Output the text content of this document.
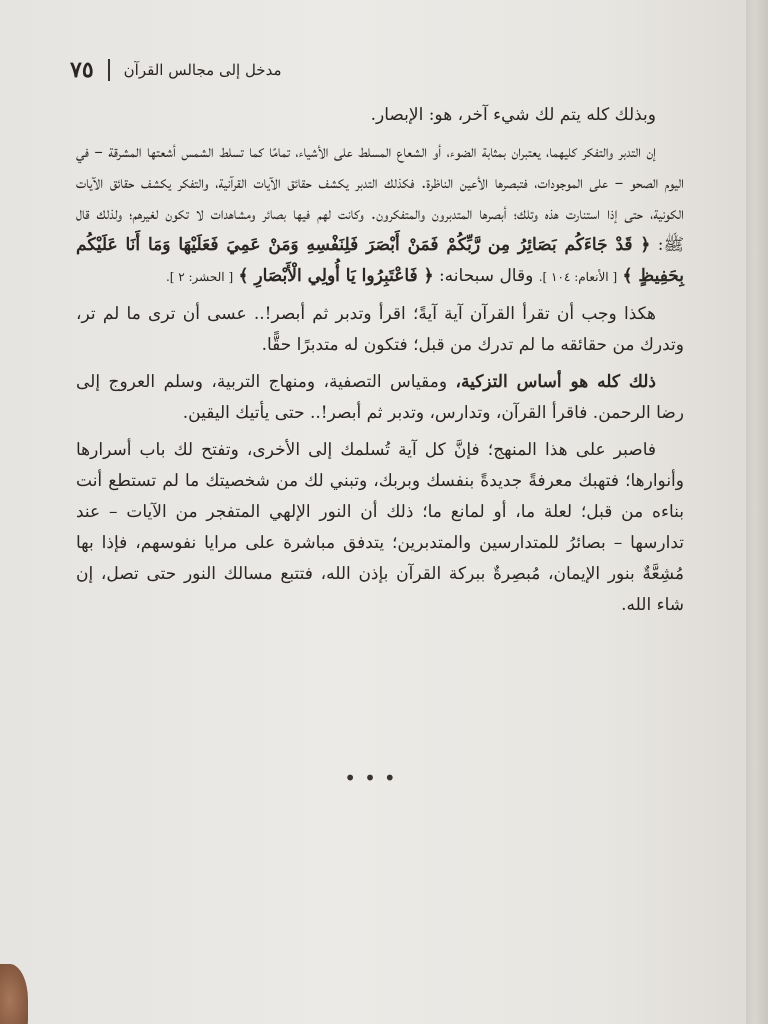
٧٥ مدخل إلى مجالس القرآن

وبذلك كله يتم لك شيء آخر، هو: الإبصار.

إن التدبر والتفكر كليهما، يعتبران بمثابة الضوء، أو الشعاع المسلط على الأشياء، تمامًا كما تسلط الشمس أشعتها المشرقة – في اليوم الصحو – على الموجودات، فتبصرها الأعين الناظرة. فكذلك التدبر يكشف حقائق الآيات القرآنية، والتفكر يكشف حقائق الآيات الكونية، حتى إذا استنارت هذه وتلك؛ أبصرها المتدبرون والمتفكرون. وكانت لهم فيها بصائر ومشاهدات لا تكون لغيرهم؛ ولذلك قال ﷺ: ﴿ قَدْ جَاءَكُم بَصَائِرُ مِن رَّبِّكُمْ فَمَنْ أَبْصَرَ فَلِنَفْسِهِ وَمَنْ عَمِيَ فَعَلَيْهَا وَمَا أَنَا عَلَيْكُم بِحَفِيظٍ ﴾ [ الأنعام: ١٠٤ ]. وقال سبحانه: ﴿ فَاعْتَبِرُوا يَا أُولِي الْأَبْصَارِ ﴾ [ الحشر: ٢ ].

هكذا وجب أن تقرأ القرآن آية آيةً؛ اقرأ وتدبر ثم أبصر!.. عسى أن ترى ما لم تر، وتدرك من حقائقه ما لم تدرك من قبل؛ فتكون له متدبرًا حقًّا.

ذلك كله هو أساس التزكية، ومقياس التصفية، ومنهاج التربية، وسلم العروج إلى رضا الرحمن. فاقرأ القرآن، وتدارس، وتدبر ثم أبصر!.. حتى يأتيك اليقين.

فاصبر على هذا المنهج؛ فإنَّ كل آية تُسلمك إلى الأخرى، وتفتح لك باب أسرارها وأنوارها؛ فتهبك معرفةً جديدةً بنفسك وبربك، وتبني لك من شخصيتك ما لم تستطع أنت بناءه من قبل؛ لعلة ما، أو لمانع ما؛ ذلك أن النور الإلهي المتفجر من الآيات – عند تدارسها – بصائرُ للمتدارسين والمتدبرين؛ يتدفق مباشرة على مرايا نفوسهم، فإذا بها مُشِعَّةٌ بنور الإيمان، مُبصِرةٌ ببركة القرآن بإذن الله، فتتبع مسالك النور حتى تصل، إن شاء الله.

•••
